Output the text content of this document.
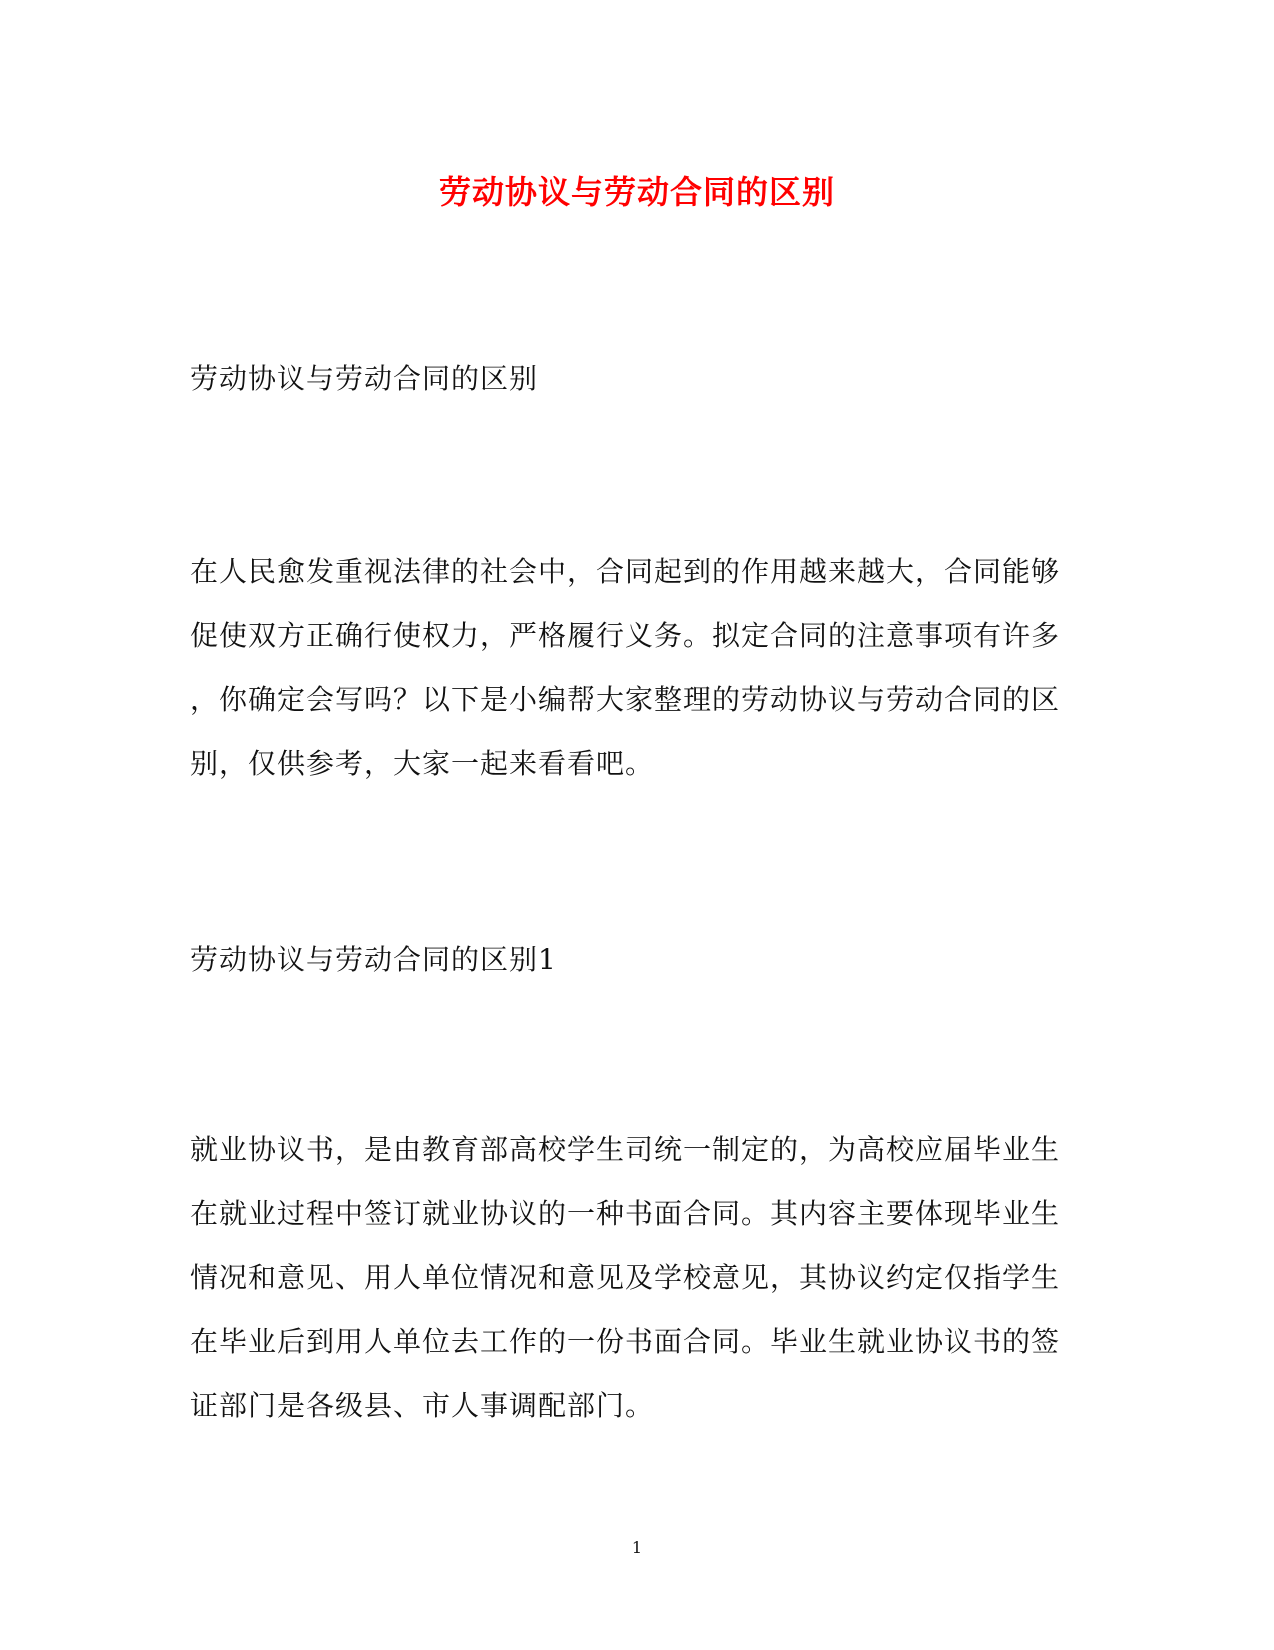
劳动协议与劳动合同的区别

劳动协议与劳动合同的区别

在人民愈发重视法律的社会中，合同起到的作用越来越大，合同能够
促使双方正确行使权力，严格履行义务。拟定合同的注意事项有许多
，你确定会写吗？以下是小编帮大家整理的劳动协议与劳动合同的区
别，仅供参考，大家一起来看看吧。

劳动协议与劳动合同的区别1

就业协议书，是由教育部高校学生司统一制定的，为高校应届毕业生
在就业过程中签订就业协议的一种书面合同。其内容主要体现毕业生
情况和意见、用人单位情况和意见及学校意见，其协议约定仅指学生
在毕业后到用人单位去工作的一份书面合同。毕业生就业协议书的签
证部门是各级县、市人事调配部门。

1
